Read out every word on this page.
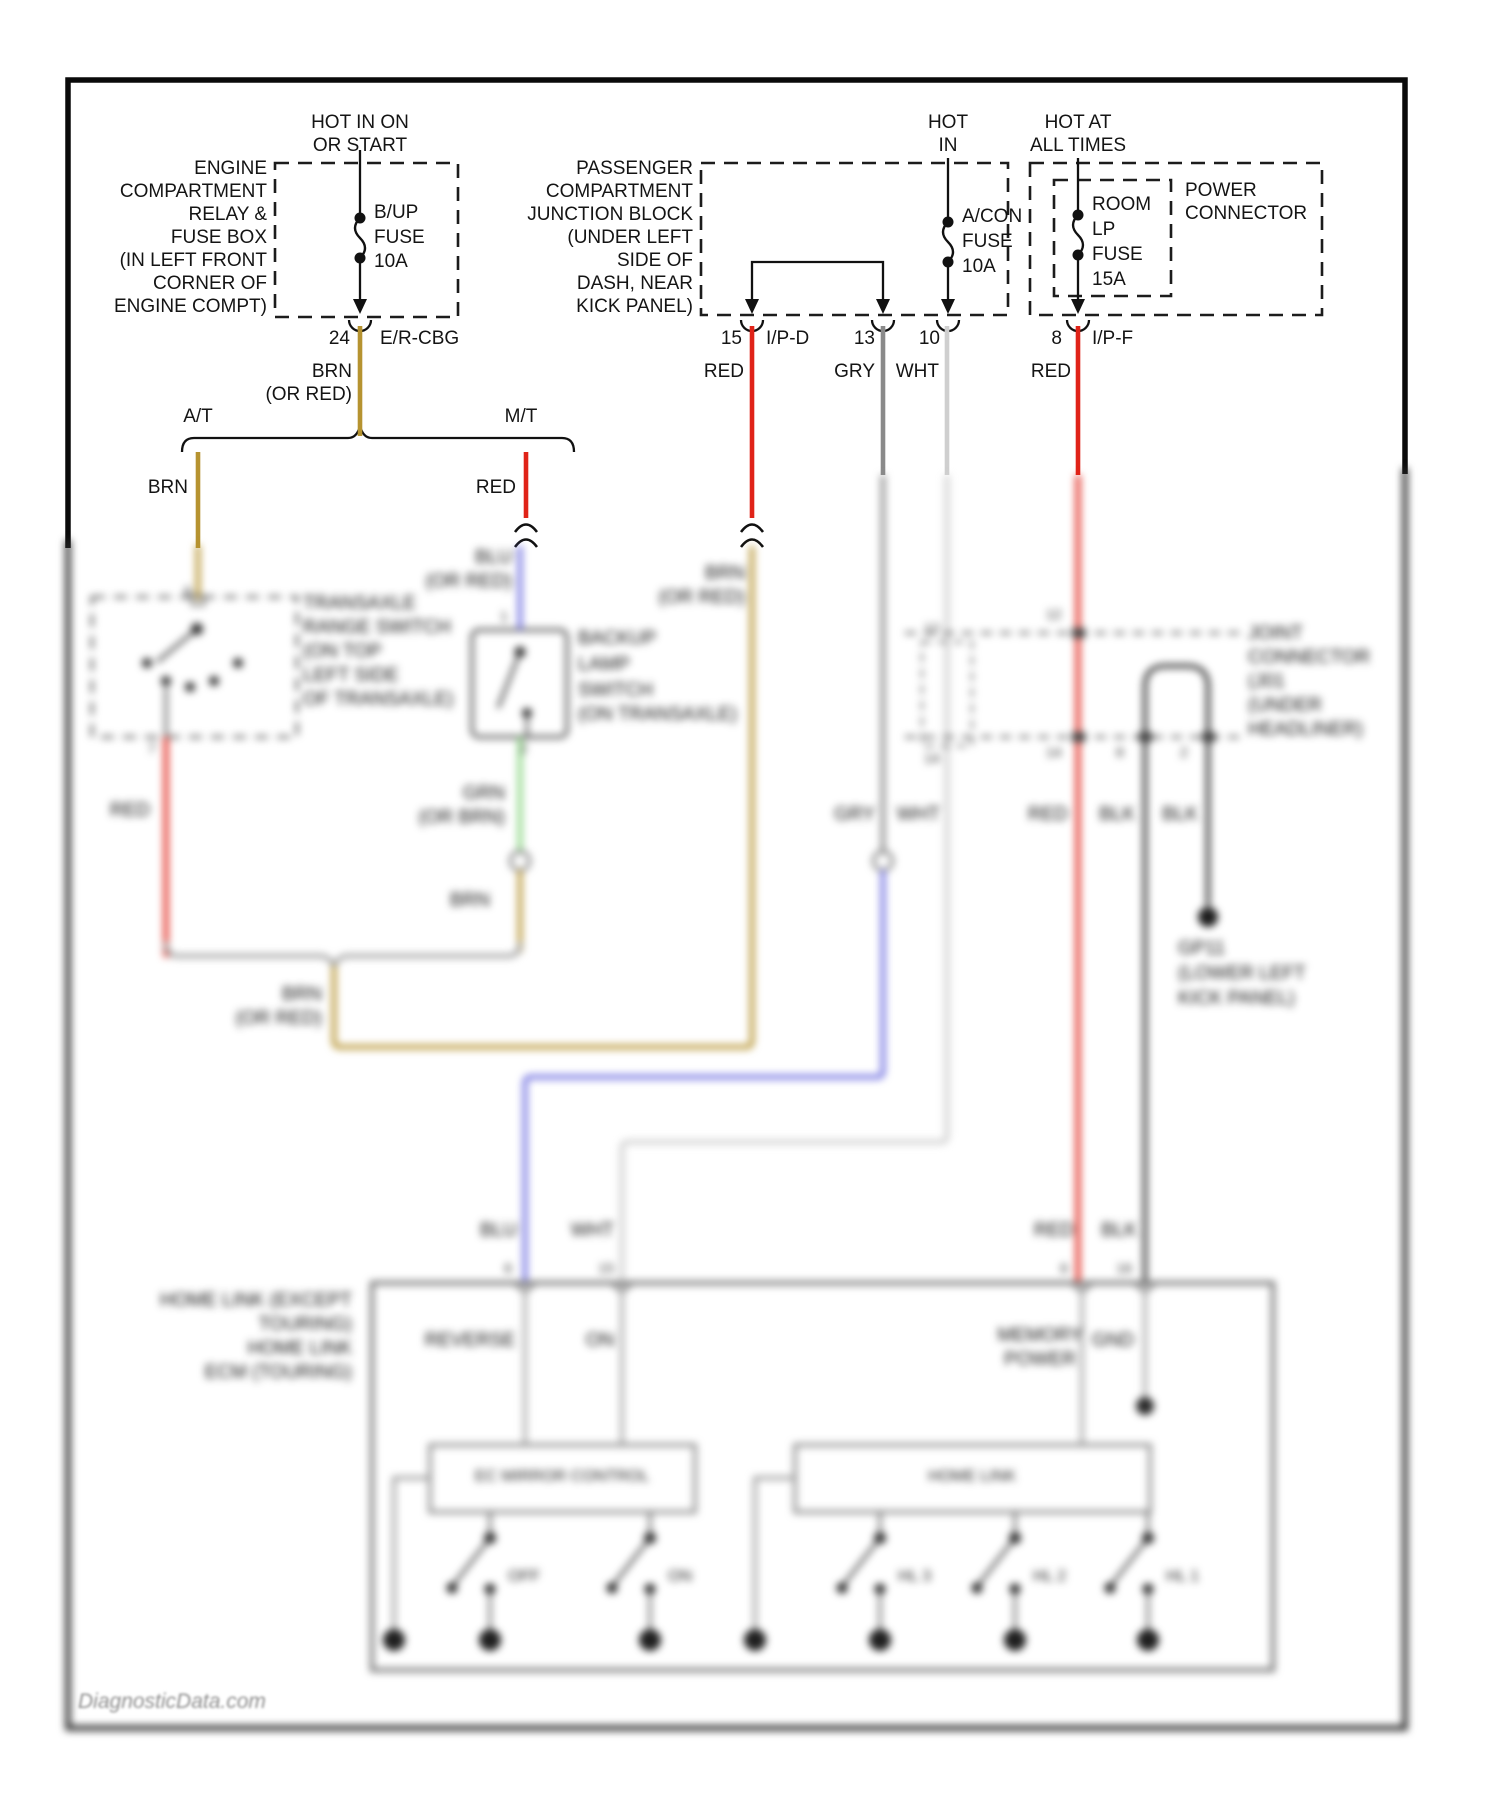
HOT IN ON
OR START
ENGINE
COMPARTMENT
RELAY &
FUSE BOX
(IN LEFT FRONT
CORNER OF
ENGINE COMPT)
B/UP
FUSE
10A
24 E/R-CBG
BRN
(OR RED)
A/T	M/T
BRN	RED
PASSENGER
COMPARTMENT
JUNCTION BLOCK
(UNDER LEFT
SIDE OF
DASH, NEAR
KICK PANEL)
15 I/P-D 13 10	8 I/P-F
RED	GRY WHT	RED
HOT
IN
A/CON
FUSE
10A
HOT AT
ALL TIMES
ROOM
LP
FUSE
15A
POWER
CONNECTOR
TRANSAXLE
RANGE SWITCH
(ON TOP
LEFT SIDE
OF TRANSAXLE)
RED
BLU
(OR RED)
BACKUP
LAMP
SWITCH
(ON TRANSAXLE)
GRN
(OR BRN)
BRN
BRN
(OR RED)
BRN
(OR RED)
GRY WHT	RED BLK BLK
JOINT
CONNECTOR
(J01
(UNDER
HEADLINER)
GP11
(LOWER LEFT
KICK PANEL)
HOME LINK (EXCEPT
TOURING)
HOME LINK
ECM (TOURING)
6	15	6	16
BLU	WHT	RED BLK
REVERSE	ON	MEMORY
POWER
GND
EC MIRROR CONTROL	HOME LINK
OFF	ON	HL 3	HL 2	HL 1
6
7
1
2
12
14
12
14	8	2
DiagnosticData.com
